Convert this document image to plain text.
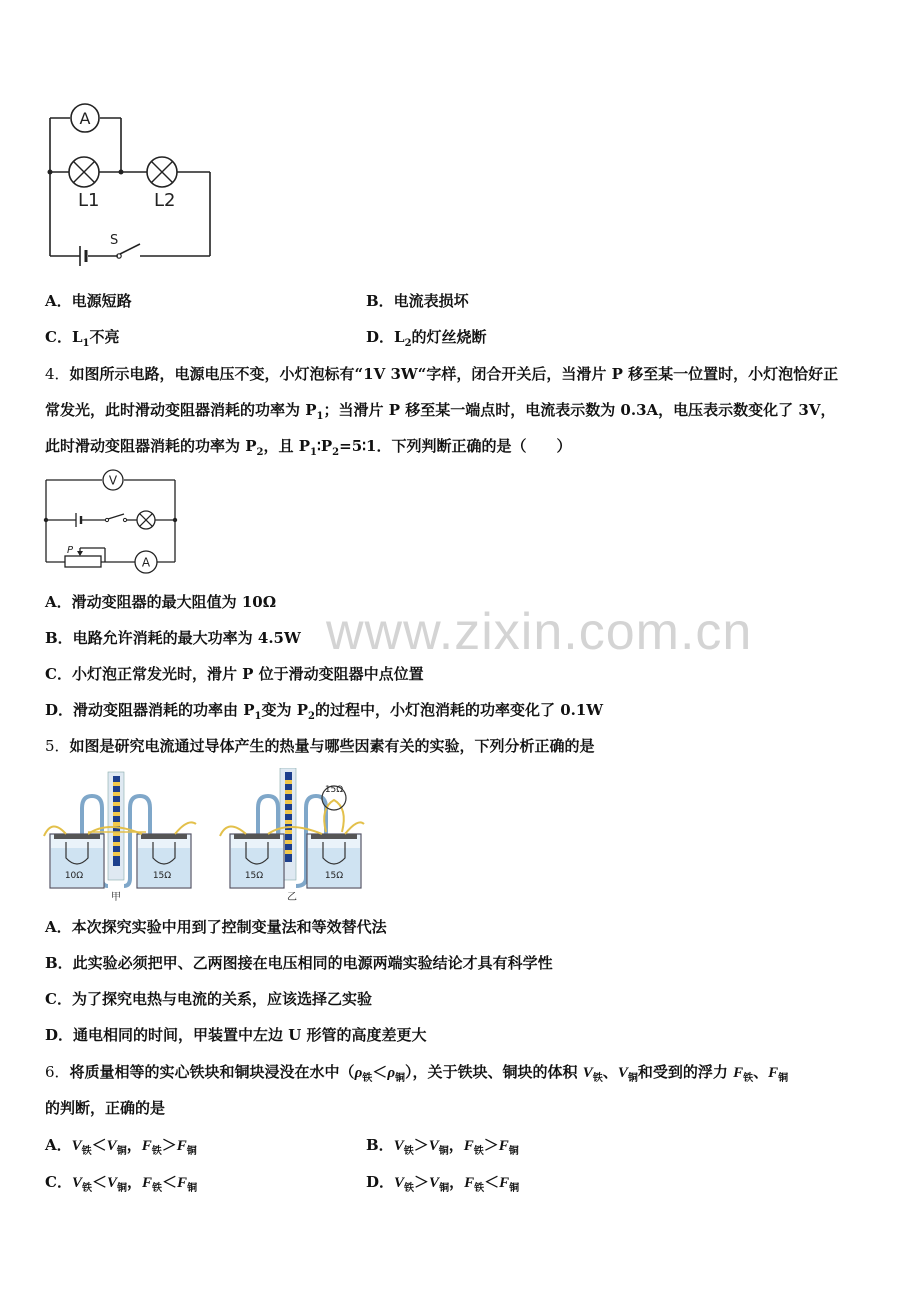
A
L1	L2
S
A．电源短路	B．电流表损坏
C．$L_1$不亮	D．$L_2$的灯丝烧断
4．如图所示电路，电源电压不变，小灯泡标有“1V 3W“字样，闭合开关后，当滑片 P 移至某一位置时，小灯泡恰好正
常发光，此时滑动变阻器消耗的功率为 $P_1$；当滑片 P 移至某一端点时，电流表示数为 0.3A，电压表示数变化了 3V，
此时滑动变阻器消耗的功率为 $P_2$，且 $P_1∶P_2=5∶1$．下列判断正确的是（　　）
V
A
P
A．滑动变阻器的最大阻值为 10Ω
B．电路允许消耗的最大功率为 4.5W www.zixin.com.cn
C．小灯泡正常发光时，滑片 P 位于滑动变阻器中点位置
D．滑动变阻器消耗的功率由 $P_1$变为 $P_2$的过程中，小灯泡消耗的功率变化了 0.1W
5．如图是研究电流通过导体产生的热量与哪些因素有关的实验，下列分析正确的是
10Ω	15Ω
甲
15Ω
15Ω	15Ω
乙
A．本次探究实验中用到了控制变量法和等效替代法
B．此实验必须把甲、乙两图接在电压相同的电源两端实验结论才具有科学性
C．为了探究电热与电流的关系，应该选择乙实验
D．通电相同的时间，甲装置中左边 U 形管的高度差更大
6．将质量相等的实心铁块和铜块浸没在水中$(\rho_铁<\rho_铜)$，关于铁块、铜块的体积 $V_铁$、$V_铜$和受到的浮力 $F_铁$、$F_铜$
的判断，正确的是
A．$V_铁<V_铜$，$F_铁>F_铜$	B．$V_铁>V_铜$，$F_铁>F_铜$
C．$V_铁<V_铜$，$F_铁<F_铜$	D．$V_铁>V_铜$，$F_铁<F_铜$
